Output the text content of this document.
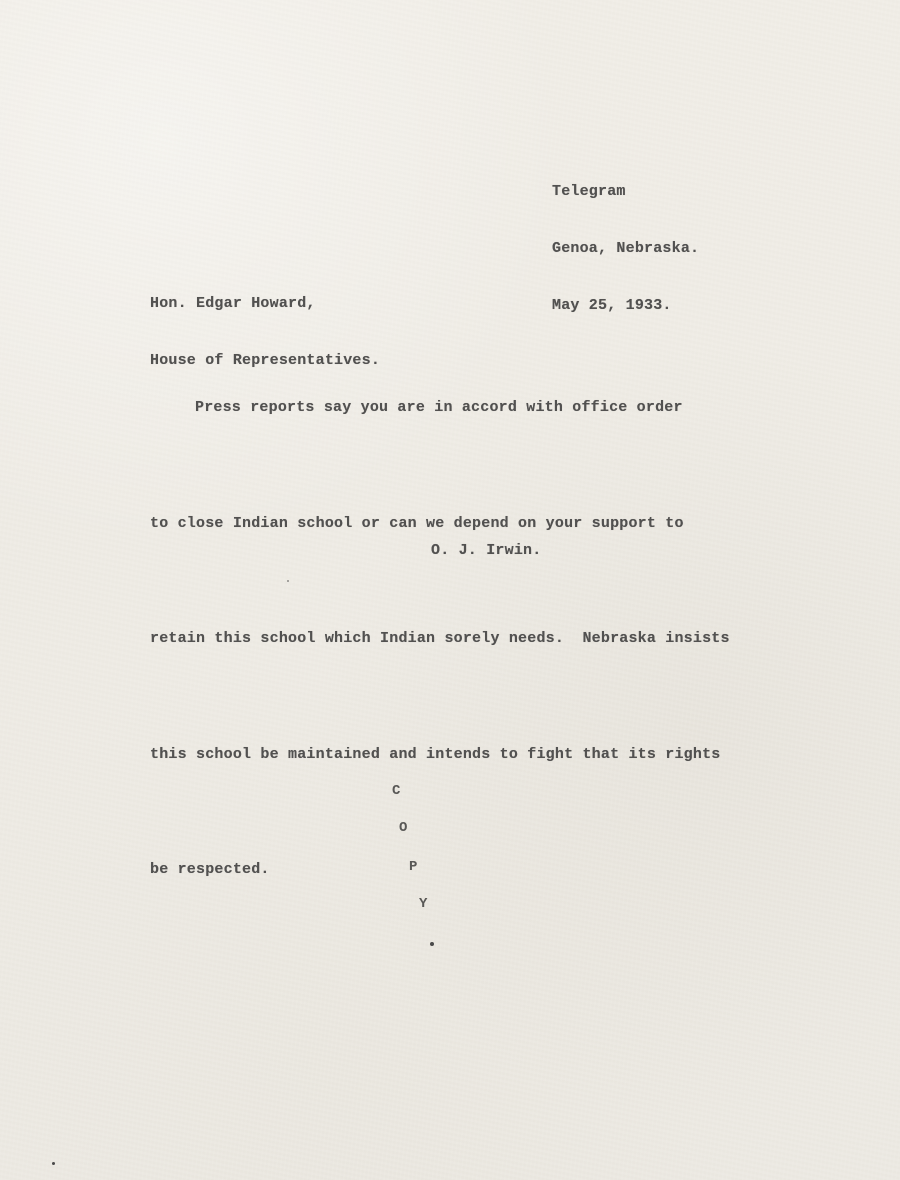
Telegram

Genoa, Nebraska.

May 25, 1933.

Hon. Edgar Howard,

House of Representatives.

Press reports say you are in accord with office order

to close Indian school or can we depend on your support to

retain this school which Indian sorely needs.  Nebraska insists

this school be maintained and intends to fight that its rights

be respected.

O. J. Irwin.
C
O
P
Y
